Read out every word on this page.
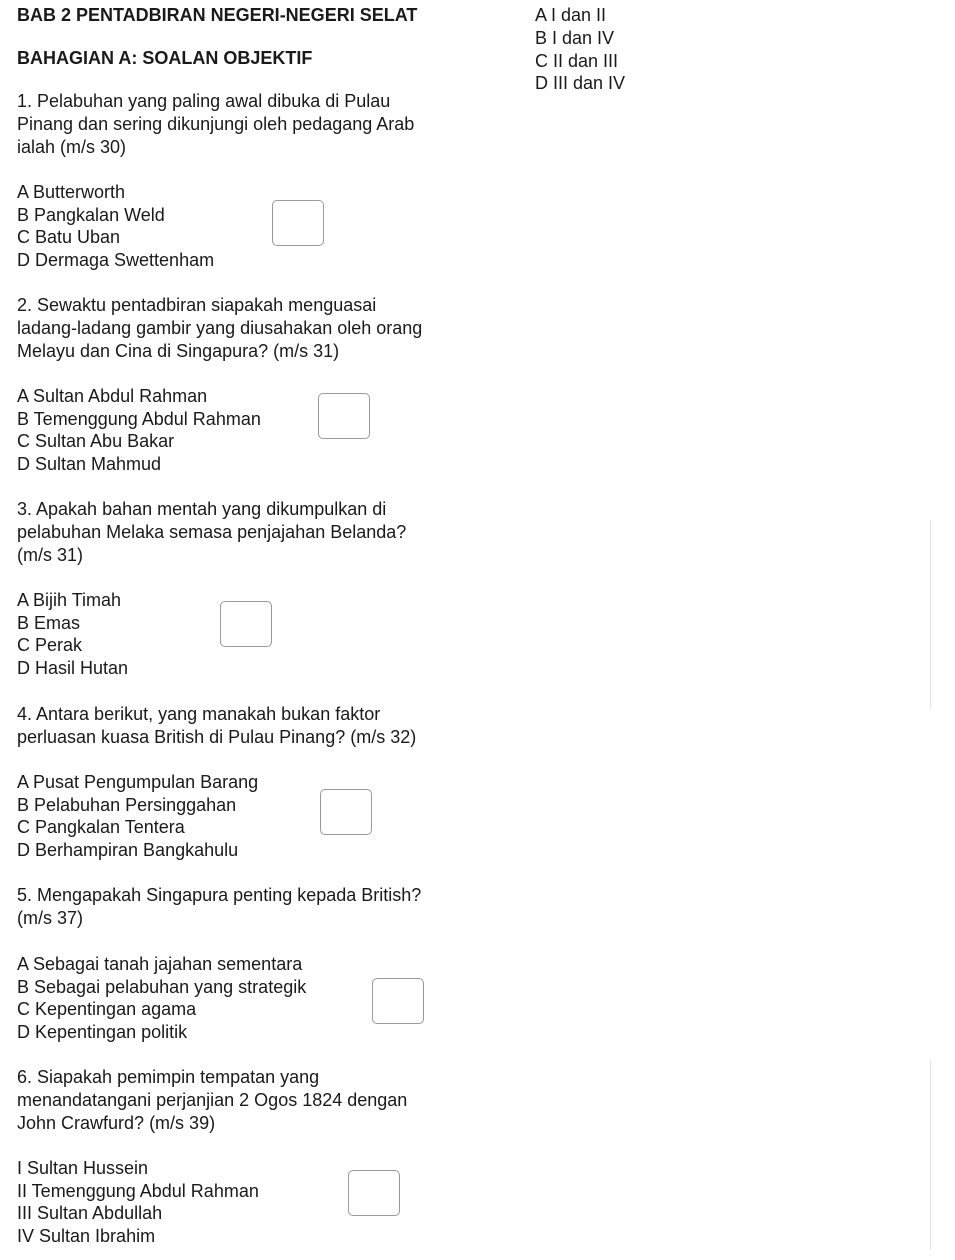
BAB 2 PENTADBIRAN NEGERI-NEGERI SELAT
BAHAGIAN A: SOALAN OBJEKTIF
A I dan II
B I dan IV
C II dan III
D III dan IV
1. Pelabuhan yang paling awal dibuka di Pulau
Pinang dan sering dikunjungi oleh pedagang Arab
ialah (m/s 30)
A Butterworth
B Pangkalan Weld
C Batu Uban
D Dermaga Swettenham
2. Sewaktu pentadbiran siapakah menguasai
ladang-ladang gambir yang diusahakan oleh orang
Melayu dan Cina di Singapura? (m/s 31)
A Sultan Abdul Rahman
B Temenggung Abdul Rahman
C Sultan Abu Bakar
D Sultan Mahmud
3. Apakah bahan mentah yang dikumpulkan di
pelabuhan Melaka semasa penjajahan Belanda?
(m/s 31)
A Bijih Timah
B Emas
C Perak
D Hasil Hutan
4. Antara berikut, yang manakah bukan faktor
perluasan kuasa British di Pulau Pinang? (m/s 32)
A Pusat Pengumpulan Barang
B Pelabuhan Persinggahan
C Pangkalan Tentera
D Berhampiran Bangkahulu
5. Mengapakah Singapura penting kepada British?
(m/s 37)
A Sebagai tanah jajahan sementara
B Sebagai pelabuhan yang strategik
C Kepentingan agama
D Kepentingan politik
6. Siapakah pemimpin tempatan yang
menandatangani perjanjian 2 Ogos 1824 dengan
John Crawfurd? (m/s 39)
I Sultan Hussein
II Temenggung Abdul Rahman
III Sultan Abdullah
IV Sultan Ibrahim
